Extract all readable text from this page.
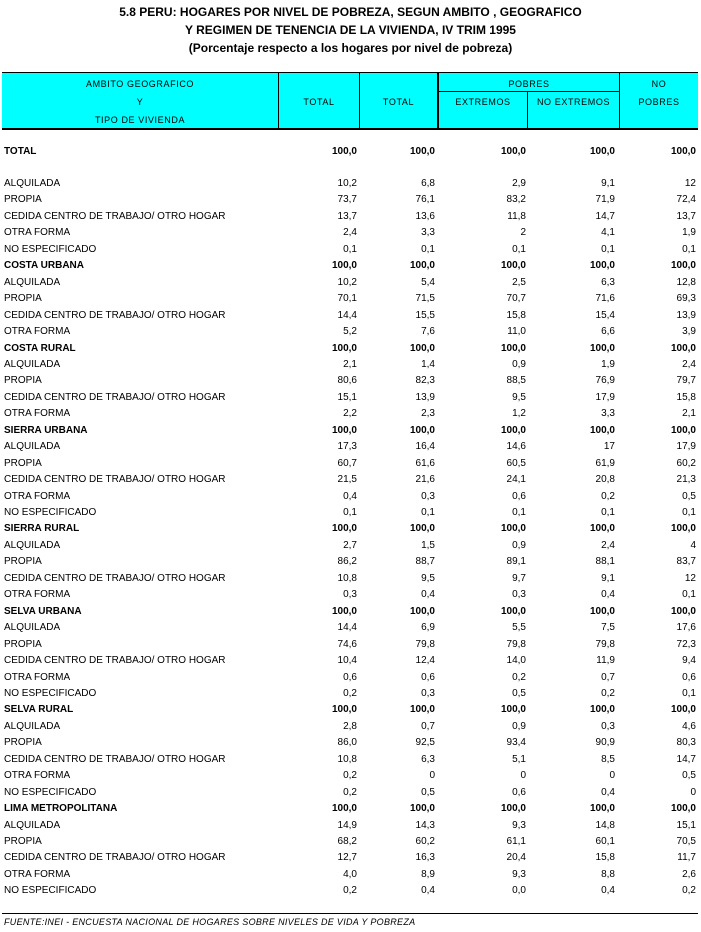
5.8 PERU: HOGARES POR NIVEL DE POBREZA, SEGUN AMBITO , GEOGRAFICO
Y REGIMEN DE TENENCIA DE LA VIVIENDA, IV TRIM 1995
(Porcentaje respecto a los hogares por nivel de pobreza)
AMBITO GEOGRAFICO
Y
TIPO DE VIVIENDA
TOTAL	TOTAL
POBRES
EXTREMOS	NO EXTREMOS
NO
POBRES
TOTAL	100,0	100,0	100,0	100,0	100,0
ALQUILADA	10,2	6,8	2,9	9,1	12
PROPIA	73,7	76,1	83,2	71,9	72,4
CEDIDA CENTRO DE TRABAJO/ OTRO HOGAR	13,7	13,6	11,8	14,7	13,7
OTRA FORMA	2,4	3,3	2	4,1	1,9
NO ESPECIFICADO	0,1	0,1	0,1	0,1	0,1
COSTA URBANA	100,0	100,0	100,0	100,0	100,0
ALQUILADA	10,2	5,4	2,5	6,3	12,8
PROPIA	70,1	71,5	70,7	71,6	69,3
CEDIDA CENTRO DE TRABAJO/ OTRO HOGAR	14,4	15,5	15,8	15,4	13,9
OTRA FORMA	5,2	7,6	11,0	6,6	3,9
COSTA RURAL	100,0	100,0	100,0	100,0	100,0
ALQUILADA	2,1	1,4	0,9	1,9	2,4
PROPIA	80,6	82,3	88,5	76,9	79,7
CEDIDA CENTRO DE TRABAJO/ OTRO HOGAR	15,1	13,9	9,5	17,9	15,8
OTRA FORMA	2,2	2,3	1,2	3,3	2,1
SIERRA URBANA	100,0	100,0	100,0	100,0	100,0
ALQUILADA	17,3	16,4	14,6	17	17,9
PROPIA	60,7	61,6	60,5	61,9	60,2
CEDIDA CENTRO DE TRABAJO/ OTRO HOGAR	21,5	21,6	24,1	20,8	21,3
OTRA FORMA	0,4	0,3	0,6	0,2	0,5
NO ESPECIFICADO	0,1	0,1	0,1	0,1	0,1
SIERRA RURAL	100,0	100,0	100,0	100,0	100,0
ALQUILADA	2,7	1,5	0,9	2,4	4
PROPIA	86,2	88,7	89,1	88,1	83,7
CEDIDA CENTRO DE TRABAJO/ OTRO HOGAR	10,8	9,5	9,7	9,1	12
OTRA FORMA	0,3	0,4	0,3	0,4	0,1
SELVA URBANA	100,0	100,0	100,0	100,0	100,0
ALQUILADA	14,4	6,9	5,5	7,5	17,6
PROPIA	74,6	79,8	79,8	79,8	72,3
CEDIDA CENTRO DE TRABAJO/ OTRO HOGAR	10,4	12,4	14,0	11,9	9,4
OTRA FORMA	0,6	0,6	0,2	0,7	0,6
NO ESPECIFICADO	0,2	0,3	0,5	0,2	0,1
SELVA RURAL	100,0	100,0	100,0	100,0	100,0
ALQUILADA	2,8	0,7	0,9	0,3	4,6
PROPIA	86,0	92,5	93,4	90,9	80,3
CEDIDA CENTRO DE TRABAJO/ OTRO HOGAR	10,8	6,3	5,1	8,5	14,7
OTRA FORMA	0,2	0	0	0	0,5
NO ESPECIFICADO	0,2	0,5	0,6	0,4	0
LIMA METROPOLITANA	100,0	100,0	100,0	100,0	100,0
ALQUILADA	14,9	14,3	9,3	14,8	15,1
PROPIA	68,2	60,2	61,1	60,1	70,5
CEDIDA CENTRO DE TRABAJO/ OTRO HOGAR	12,7	16,3	20,4	15,8	11,7
OTRA FORMA	4,0	8,9	9,3	8,8	2,6
NO ESPECIFICADO	0,2	0,4	0,0	0,4	0,2
FUENTE:INEI - ENCUESTA NACIONAL DE HOGARES SOBRE NIVELES DE VIDA Y POBREZA
